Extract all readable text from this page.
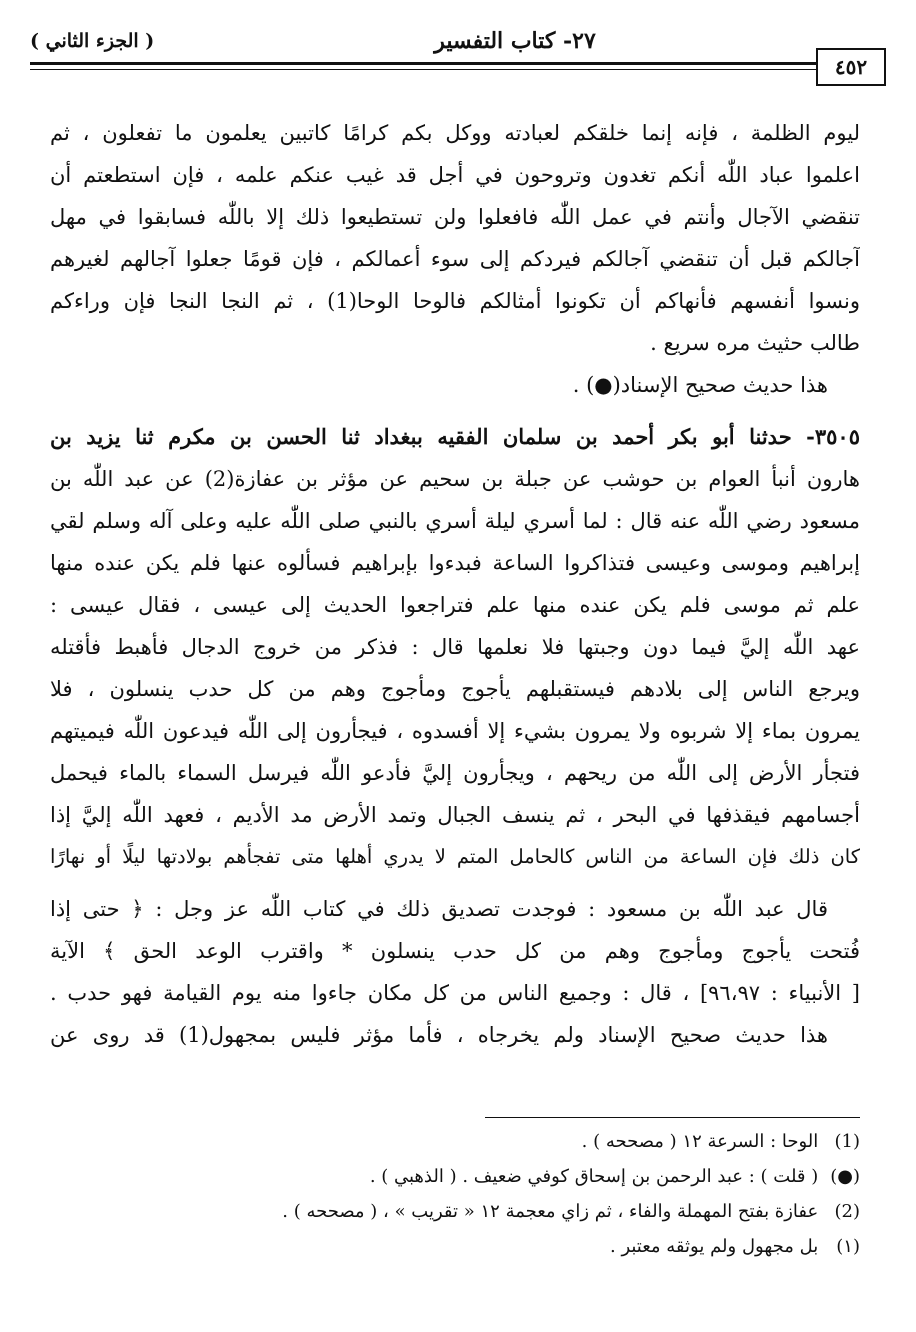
( الجزء الثاني )	٢٧- كتاب التفسير
٤٥٢
ليوم الظلمة ، فإنه إنما خلقكم لعبادته ووكل بكم كرامًا كاتبين يعلمون ما تفعلون ، ثم
اعلموا عباد اللّٰه أنكم تغدون وتروحون في أجل قد غيب عنكم علمه ، فإن استطعتم أن
تنقضي الآجال وأنتم في عمل اللّٰه فافعلوا ولن تستطيعوا ذلك إلا باللّٰه فسابقوا في مهل
آجالكم قبل أن تنقضي آجالكم فيردكم إلى سوء أعمالكم ، فإن قومًا جعلوا آجالهم لغيرهم
ونسوا أنفسهم فأنهاكم أن تكونوا أمثالكم فالوحا الوحا(1) ، ثم النجا النجا فإن وراءكم
طالب حثيث مره سريع .
هذا حديث صحيح الإسناد(●) .
٣٥٠٥- حدثنا أبو بكر أحمد بن سلمان الفقيه ببغداد ثنا الحسن بن مكرم ثنا يزيد بن
هارون أنبأ العوام بن حوشب عن جبلة بن سحيم عن مؤثر بن عفازة(2) عن عبد اللّٰه بن
مسعود رضي اللّٰه عنه قال : لما أسري ليلة أسري بالنبي صلى اللّٰه عليه وعلى آله وسلم لقي
إبراهيم وموسى وعيسى فتذاكروا الساعة فبدءوا بإبراهيم فسألوه عنها فلم يكن عنده منها
علم ثم موسى فلم يكن عنده منها علم فتراجعوا الحديث إلى عيسى ، فقال عيسى :
عهد اللّٰه إليَّ فيما دون وجبتها فلا نعلمها قال : فذكر من خروج الدجال فأهبط فأقتله
ويرجع الناس إلى بلادهم فيستقبلهم يأجوج ومأجوج وهم من كل حدب ينسلون ، فلا
يمرون بماء إلا شربوه ولا يمرون بشيء إلا أفسدوه ، فيجأرون إلى اللّٰه فيدعون اللّٰه فيميتهم
فتجأر الأرض إلى اللّٰه من ريحهم ، ويجأرون إليَّ فأدعو اللّٰه فيرسل السماء بالماء فيحمل
أجسامهم فيقذفها في البحر ، ثم ينسف الجبال وتمد الأرض مد الأديم ، فعهد اللّٰه إليَّ إذا
كان ذلك فإن الساعة من الناس كالحامل المتم لا يدري أهلها متى تفجأهم بولادتها ليلًا أو نهارًا
قال عبد اللّٰه بن مسعود : فوجدت تصديق ذلك في كتاب اللّٰه عز وجل : ﴿ حتى إذا
فُتحت يأجوج ومأجوج وهم من كل حدب ينسلون * واقترب الوعد الحق ﴾ الآية
[ الأنبياء : ٩٦،٩٧] ، قال : وجميع الناس من كل مكان جاءوا منه يوم القيامة فهو حدب .
هذا حديث صحيح الإسناد ولم يخرجاه ، فأما مؤثر فليس بمجهول(1) قد روى عن
(1) الوحا : السرعة ١٢ ( مصححه ) .
(●) ( قلت ) : عبد الرحمن بن إسحاق كوفي ضعيف . ( الذهبي ) .
(2) عفازة بفتح المهملة والفاء ، ثم زاي معجمة ١٢ « تقريب » ، ( مصححه ) .
(١) بل مجهول ولم يوثقه معتبر .
